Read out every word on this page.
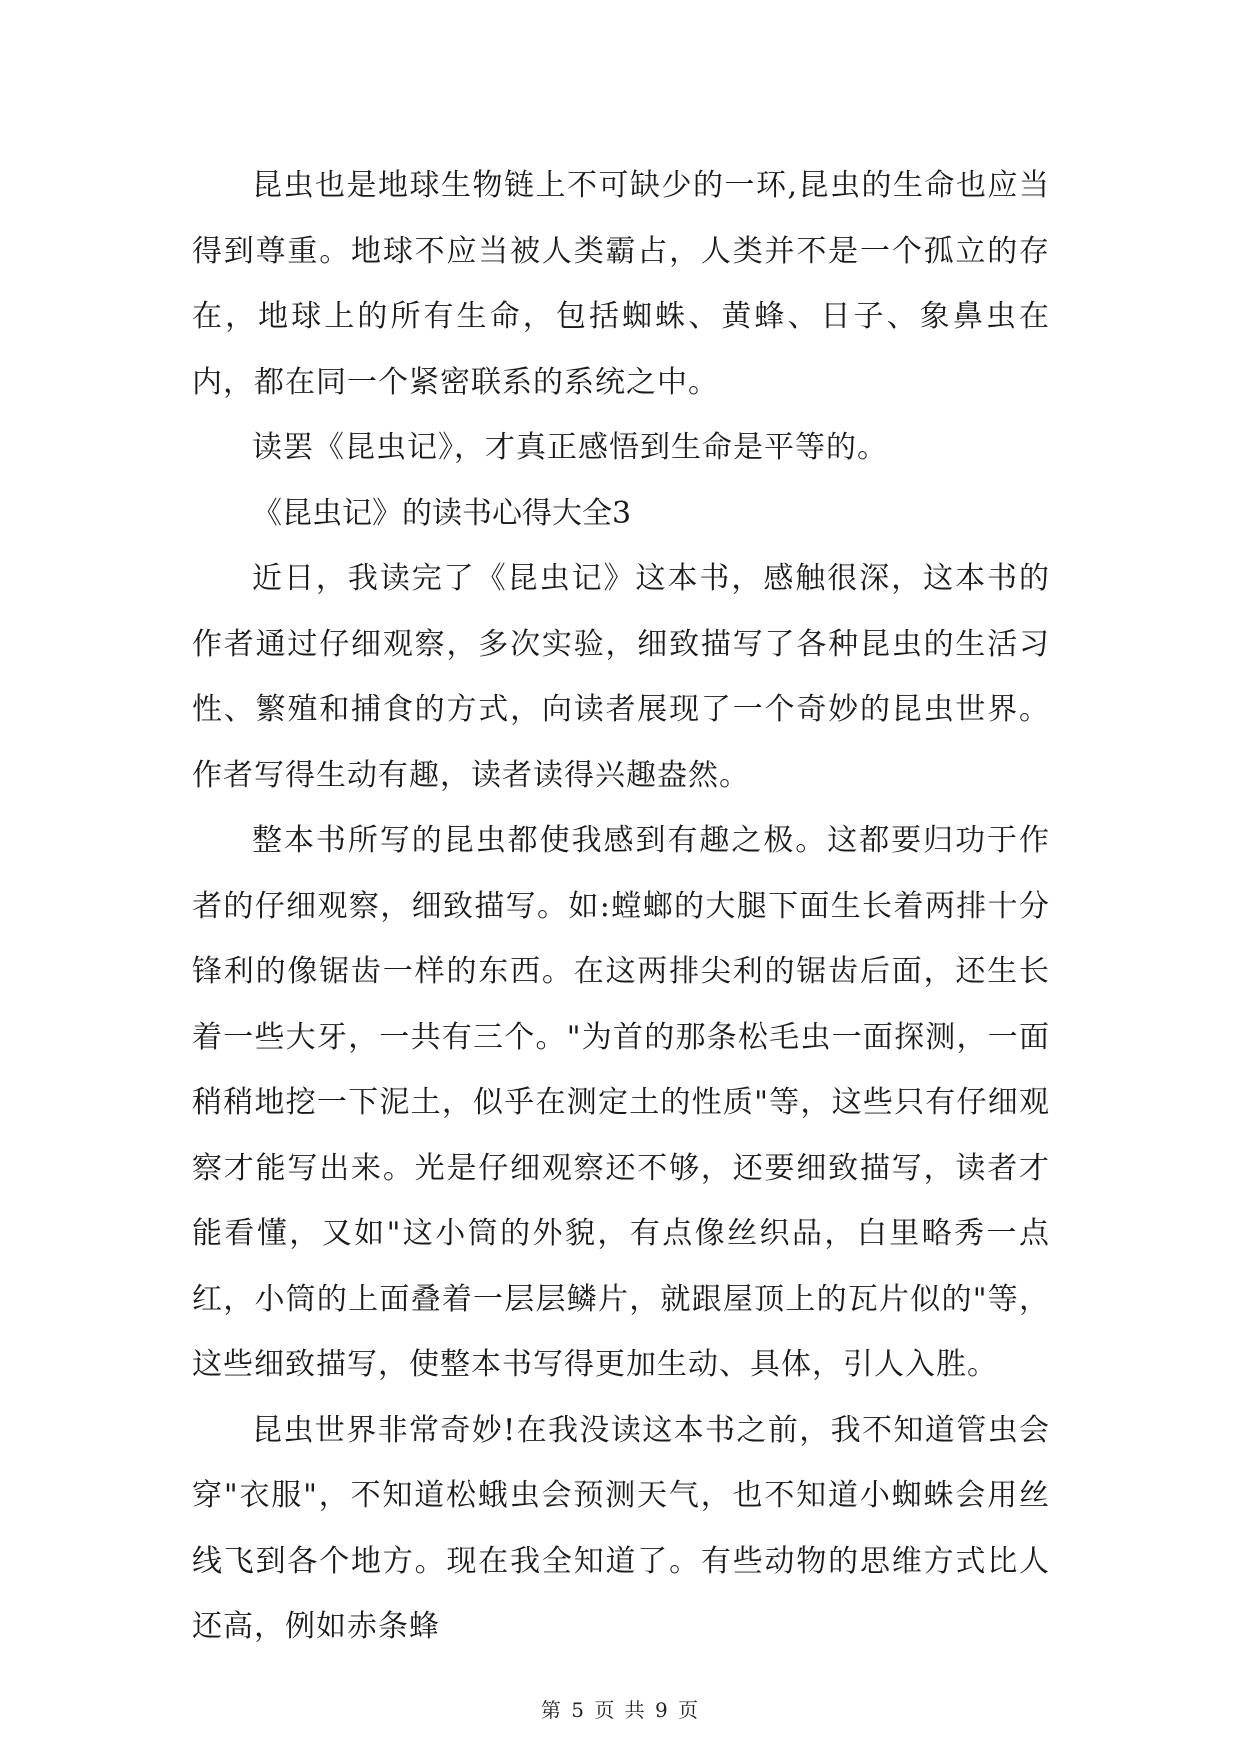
昆虫也是地球生物链上不可缺少的一环,昆虫的生命也应当得到尊重。地球不应当被人类霸占，人类并不是一个孤立的存在，地球上的所有生命，包括蜘蛛、黄蜂、日子、象鼻虫在内，都在同一个紧密联系的系统之中。

读罢《昆虫记》，才真正感悟到生命是平等的。

《昆虫记》的读书心得大全3

近日，我读完了《昆虫记》这本书，感触很深，这本书的作者通过仔细观察，多次实验，细致描写了各种昆虫的生活习性、繁殖和捕食的方式，向读者展现了一个奇妙的昆虫世界。作者写得生动有趣，读者读得兴趣盎然。

整本书所写的昆虫都使我感到有趣之极。这都要归功于作者的仔细观察，细致描写。如:螳螂的大腿下面生长着两排十分锋利的像锯齿一样的东西。在这两排尖利的锯齿后面，还生长着一些大牙，一共有三个。"为首的那条松毛虫一面探测，一面稍稍地挖一下泥土，似乎在测定土的性质"等，这些只有仔细观察才能写出来。光是仔细观察还不够，还要细致描写，读者才能看懂，又如"这小筒的外貌，有点像丝织品，白里略秀一点红，小筒的上面叠着一层层鳞片，就跟屋顶上的瓦片似的"等，这些细致描写，使整本书写得更加生动、具体，引人入胜。

昆虫世界非常奇妙!在我没读这本书之前，我不知道管虫会穿"衣服"，不知道松蛾虫会预测天气，也不知道小蜘蛛会用丝线飞到各个地方。现在我全知道了。有些动物的思维方式比人还高，例如赤条蜂

第 5 页 共 9 页
